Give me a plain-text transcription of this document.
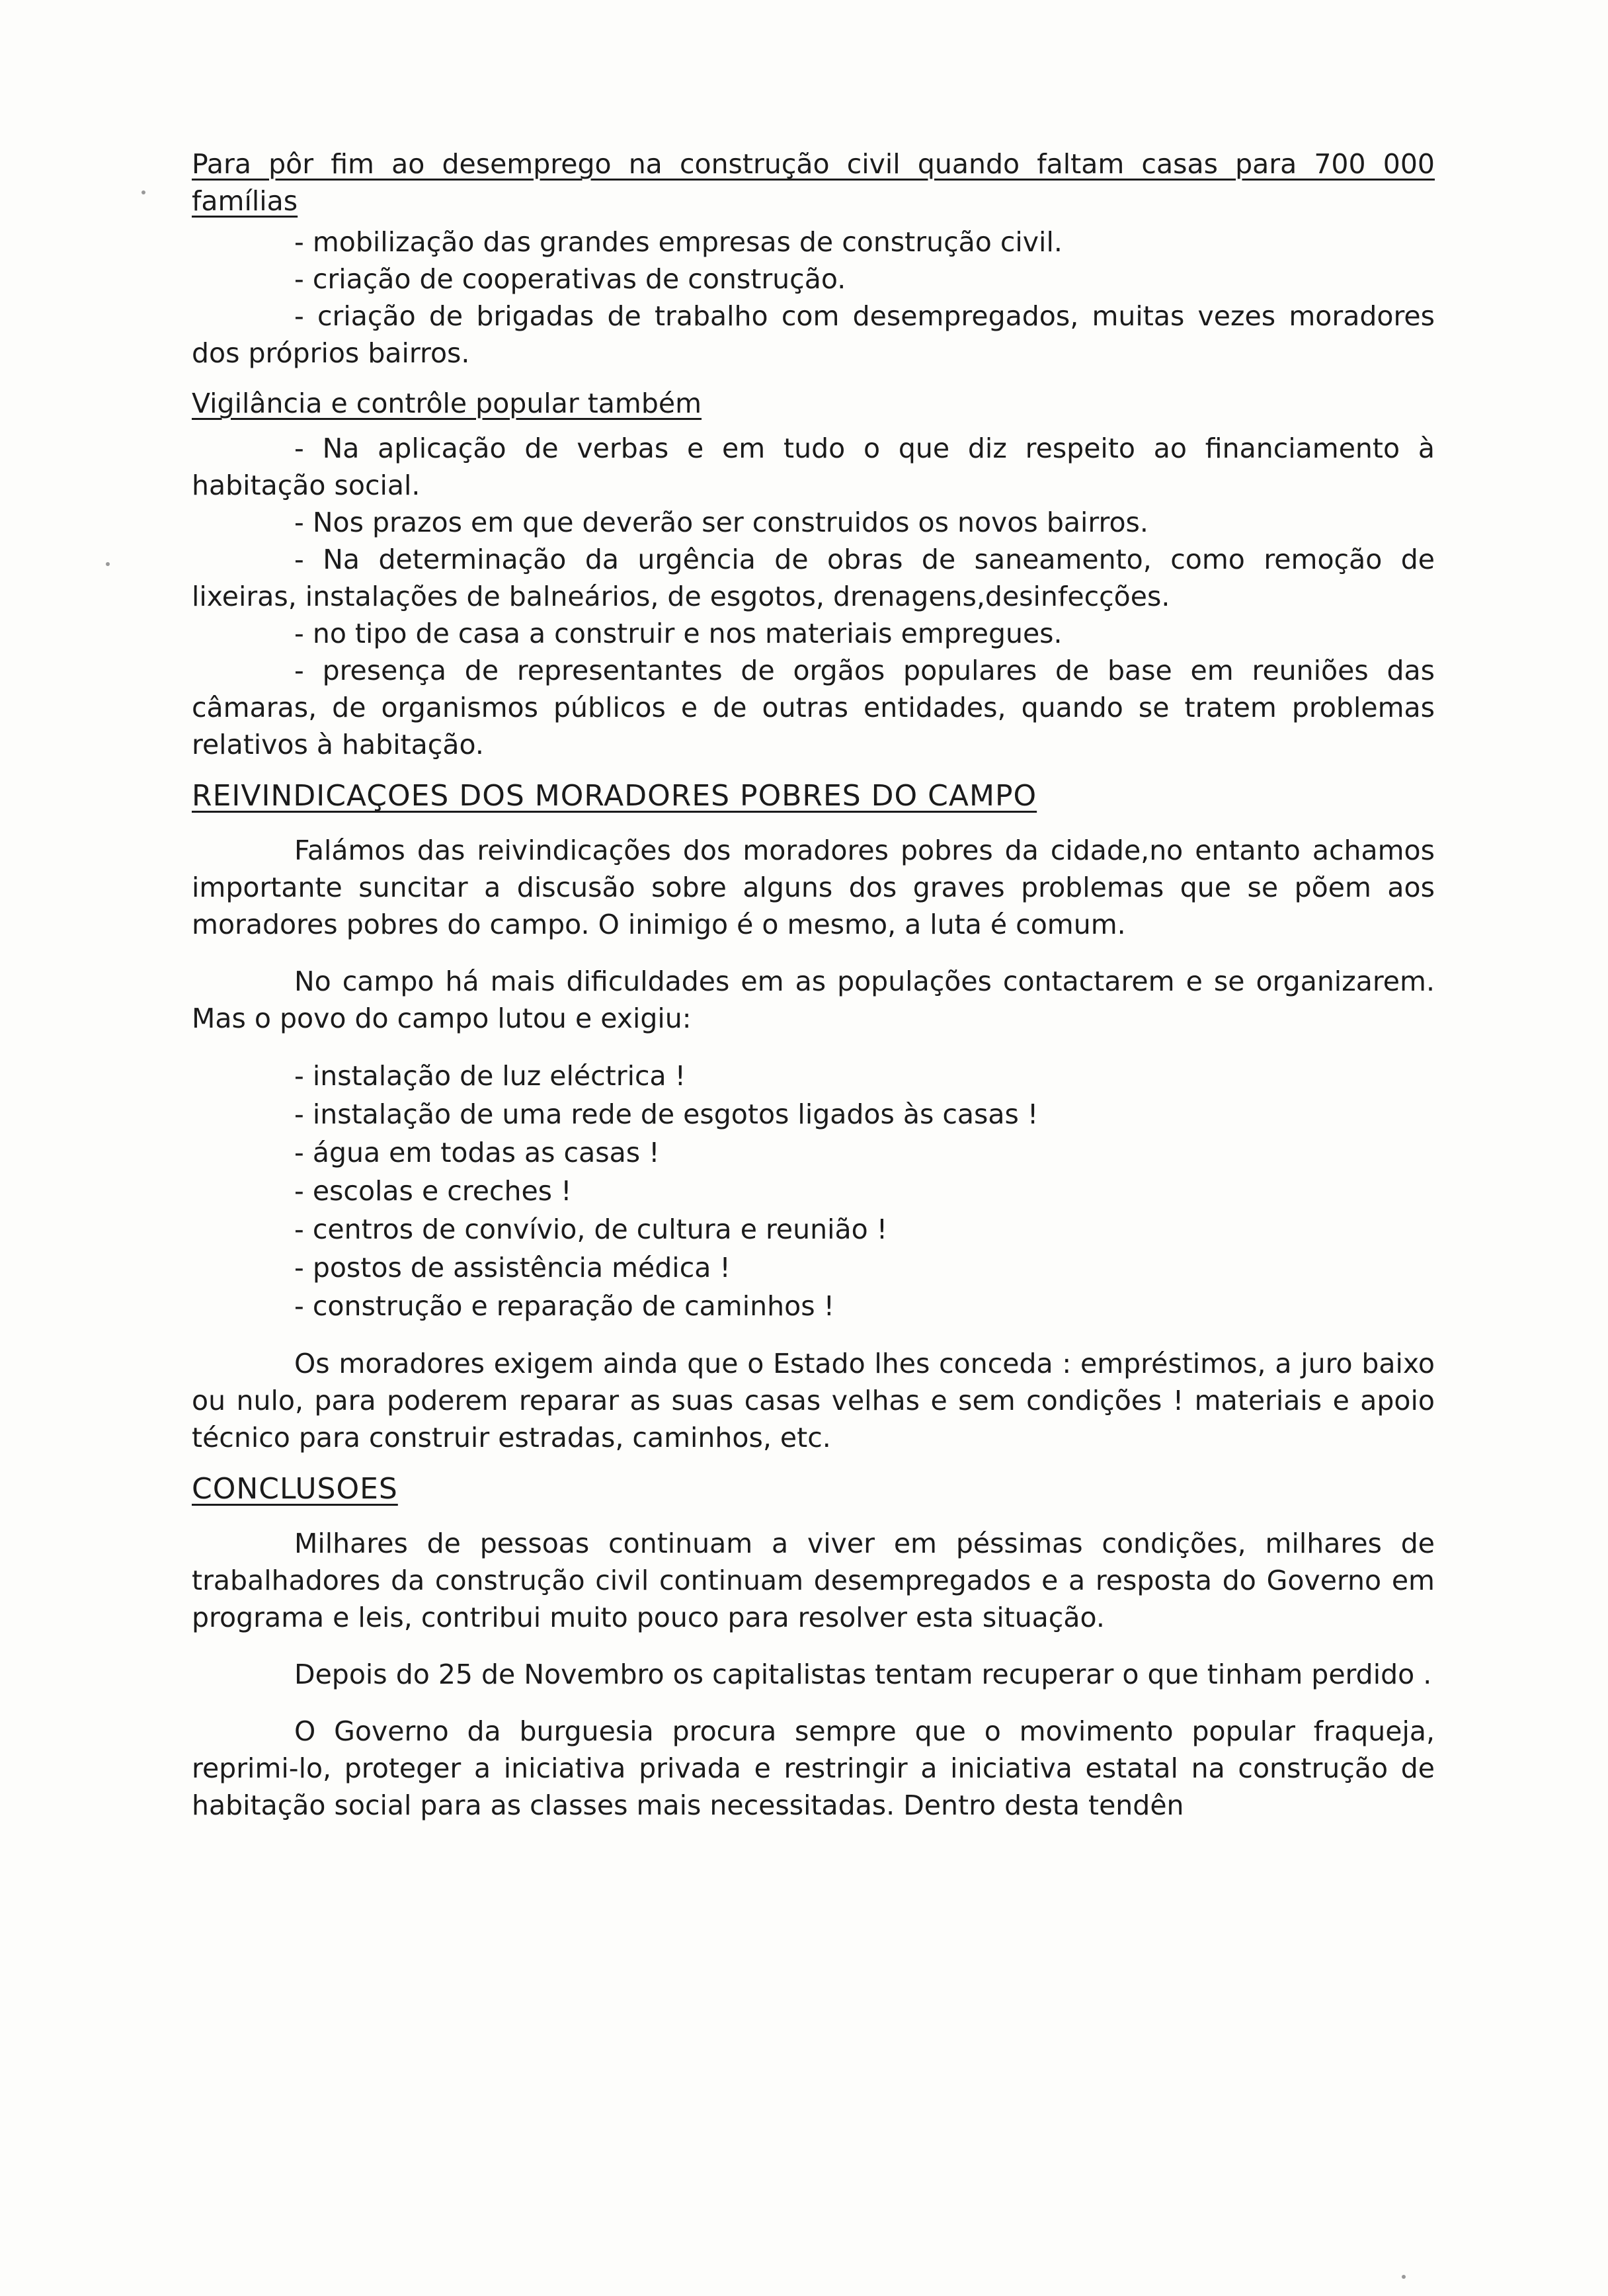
Para pôr fim ao desemprego na construção civil quando faltam casas para 700 000 famílias

- mobilização das grandes empresas de construção civil.

- criação de cooperativas de construção.

- criação de brigadas de trabalho com desempregados, muitas vezes moradores dos próprios bairros.

Vigilância e contrôle popular também

- Na aplicação de verbas e em tudo o que diz respeito ao financiamento à habitação social.

- Nos prazos em que deverão ser construidos os novos bairros.

- Na determinação da urgência de obras de saneamento, como remoção de lixeiras, instalações de balneários, de esgotos, drenagens,desinfecções.

- no tipo de casa a construir e nos materiais empregues.

- presença de representantes de orgãos populares de base em reuniões das câmaras, de organismos públicos e de outras entidades, quando se tratem problemas relativos à habitação.

REIVINDICAÇOES DOS MORADORES POBRES DO CAMPO

Falámos das reivindicações dos moradores pobres da cidade,no entanto achamos importante suncitar a discusão sobre alguns dos graves problemas que se põem aos moradores pobres do campo. O inimigo é o mesmo, a luta é comum.

No campo há mais dificuldades em as populações contactarem e se organizarem. Mas o povo do campo lutou e exigiu:

- instalação de luz eléctrica !

- instalação de uma rede de esgotos ligados às casas !

- água em todas as casas !

- escolas e creches !

- centros de convívio, de cultura e reunião !

- postos de assistência médica !

- construção e reparação de caminhos !

Os moradores exigem ainda que o Estado lhes conceda : empréstimos, a juro baixo ou nulo, para poderem reparar as suas casas velhas e sem condições ! materiais e apoio técnico para construir estradas, caminhos, etc.

CONCLUSOES

Milhares de pessoas continuam a viver em péssimas condições, milhares de trabalhadores da construção civil continuam desempregados e a resposta do Governo em programa e leis, contribui muito pouco para resolver esta situação.

Depois do 25 de Novembro os capitalistas tentam recuperar o que tinham perdido .

O Governo da burguesia procura sempre que o movimento popular fraqueja, reprimi-lo, proteger a iniciativa privada e restringir a iniciativa estatal na construção de habitação social para as classes mais necessitadas. Dentro desta tendên
